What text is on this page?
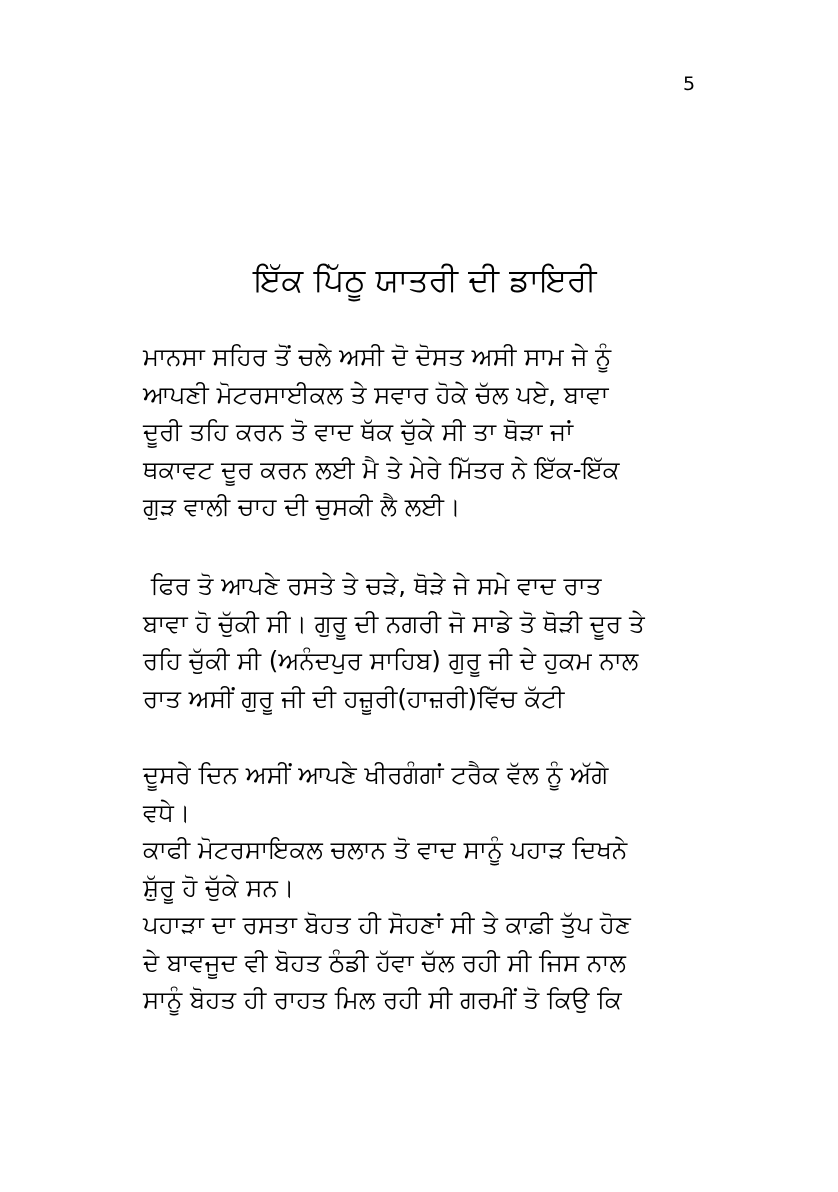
5
ਇੱਕ ਪਿੱਠੂ ਯਾਤਰੀ ਦੀ ਡਾਇਰੀ
ਮਾਨਸਾ ਸਹਿਰ ਤੋਂ ਚਲੇ ਅਸੀ ਦੋ ਦੋਸਤ ਅਸੀ ਸਾਮ ਜੇ ਨੂੰ
ਆਪਣੀ ਮੋਟਰਸਾਈਕਲ ਤੇ ਸਵਾਰ ਹੋਕੇ ਚੱਲ ਪਏ, ਬਾਵਾ
ਦੂਰੀ ਤਹਿ ਕਰਨ ਤੋ ਵਾਦ ਥੱਕ ਚੁੱਕੇ ਸੀ ਤਾ ਥੋੜਾ ਜਾਂ
ਥਕਾਵਟ ਦੂਰ ਕਰਨ ਲਈ ਮੈ ਤੇ ਮੇਰੇ ਮਿੱਤਰ ਨੇ ਇੱਕ-ਇੱਕ
ਗੁੜ ਵਾਲੀ ਚਾਹ ਦੀ ਚੁਸਕੀ ਲੈ ਲਈ।
ਫਿਰ ਤੋ ਆਪਣੇ ਰਸਤੇ ਤੇ ਚੜੇ, ਥੋੜੇ ਜੇ ਸਮੇ ਵਾਦ ਰਾਤ
ਬਾਵਾ ਹੋ ਚੁੱਕੀ ਸੀ। ਗੁਰੂ ਦੀ ਨਗਰੀ ਜੋ ਸਾਡੇ ਤੋ ਥੋੜੀ ਦੂਰ ਤੇ
ਰਹਿ ਚੁੱਕੀ ਸੀ (ਅਨੰਦਪੁਰ ਸਾਹਿਬ) ਗੁਰੂ ਜੀ ਦੇ ਹੁਕਮ ਨਾਲ
ਰਾਤ ਅਸੀਂ ਗੁਰੂ ਜੀ ਦੀ ਹਜ਼ੂਰੀ(ਹਾਜ਼ਰੀ)ਵਿੱਚ ਕੱਟੀ
ਦੂਸਰੇ ਦਿਨ ਅਸੀਂ ਆਪਣੇ ਖੀਰਗੰਗਾਂ ਟਰੈਕ ਵੱਲ ਨੂੰ ਅੱਗੇ
ਵਧੇ।
ਕਾਫੀ ਮੋਟਰਸਾਇਕਲ ਚਲਾਨ ਤੋ ਵਾਦ ਸਾਨੂੰ ਪਹਾੜ ਦਿਖਨੇ
ਸ਼ੁੱਰੂ ਹੋ ਚੁੱਕੇ ਸਨ।
ਪਹਾੜਾ ਦਾ ਰਸਤਾ ਬੋਹਤ ਹੀ ਸੋਹਣਾਂ ਸੀ ਤੇ ਕਾਫ਼ੀ ਤੁੱਪ ਹੋਣ
ਦੇ ਬਾਵਜੂਦ ਵੀ ਬੋਹਤ ਠੰਡੀ ਹੱਵਾ ਚੱਲ ਰਹੀ ਸੀ ਜਿਸ ਨਾਲ
ਸਾਨੂੰ ਬੋਹਤ ਹੀ ਰਾਹਤ ਮਿਲ ਰਹੀ ਸੀ ਗਰਮੀਂ ਤੋ ਕਿਉ ਕਿ
